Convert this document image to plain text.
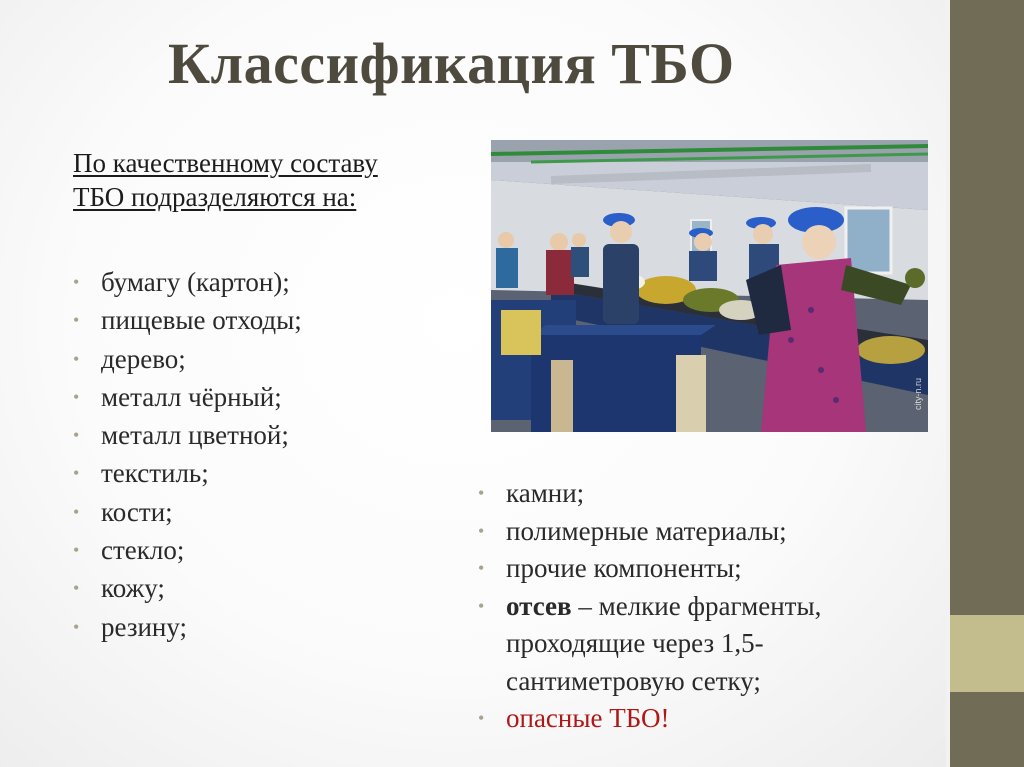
Классификация ТБО
По качественному составу
ТБО подразделяются на:
• бумагу (картон);
• пищевые отходы;
• дерево;
• металл чёрный;
• металл цветной;
• текстиль;
• кости;
• стекло;
• кожу;
• резину;
city-n.ru
• камни;
• полимерные материалы;
• прочие компоненты;
• отсев – мелкие фрагменты,
проходящие через 1,5-
сантиметровую сетку;
• опасные ТБО!
